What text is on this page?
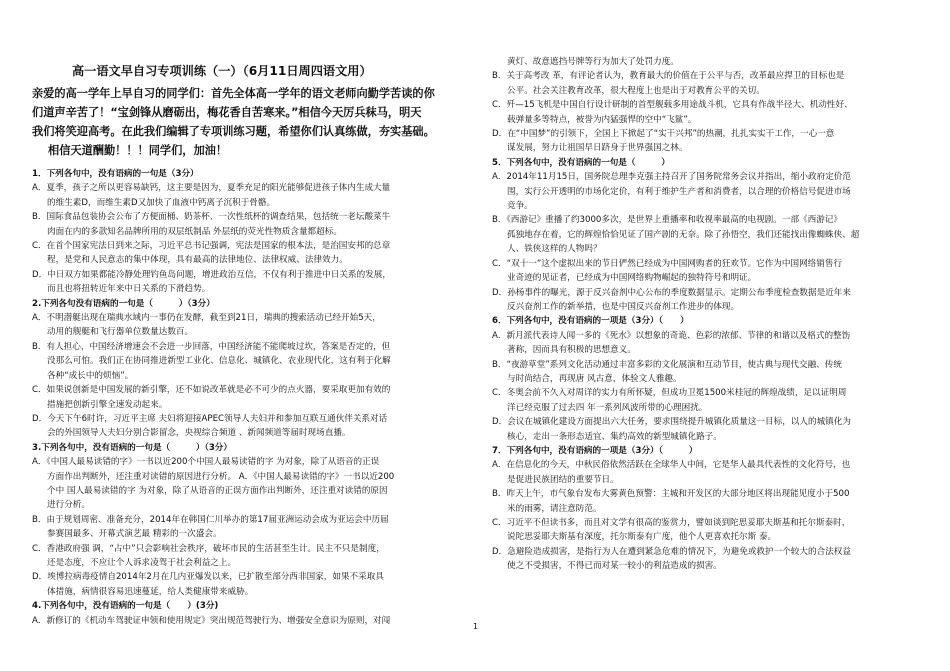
高一语文早自习专项训练（一）（6月11日周四语文用）
亲爱的高一学年上早自习的同学们：首先全体高一学年的语文老师向勤学苦读的你
们道声辛苦了！“宝剑锋从磨砺出，梅花香自苦寒来。”相信今天厉兵秣马，明天
我们将笑迎高考。在此我们编辑了专项训练习题，希望你们认真练做，夯实基础。
相信天道酬勤！！！同学们，加油！
1．下列各句中，没有语病的一句是（3分）
A．夏季，孩子之所以更容易缺钙，这主要是因为，夏季充足的阳光能够促进孩子体内生成大量
的维生素D，而维生素D又加快了血液中钙离子沉积于骨骼。
B．国际食品包装协会公布了方便面桶、奶茶杯、一次性纸杯的调查结果，包括统一老坛酸菜牛
肉面在内的多款知名品牌所用的双层纸制品 外层纸的荧光性物质含量都超标。
C．在首个国家宪法日到来之际，习近平总书记强调，宪法是国家的根本法，是治国安邦的总章
程，是党和人民意志的集中体现，具有最高的法律地位、法律权威、法律效力。
D．中日双方如果都能冷静处理钓鱼岛问题，增进政治互信，不仅有利于推进中日关系的发展，
而且也将扭转近年来中日关系的下滑趋势。
2.下列各句没有语病的一句是（　　　）（3分）
A．不明潜艇出现在瑞典水域内一事仍在发酵，截至到21日，瑞典的搜索活动已经开始5天，
动用的舰艇和飞行器单位数量达数百。
B．有人担心，中国经济增速会不会进一步回落，中国经济能不能爬坡过坎，答案是否定的，但
没那么可怕。我们正在协同推进新型工业化、信息化、城镇化、农业现代化，这有利于化解
各种“成长中的烦恼”。
C．如果说创新是中国发展的新引擎，还不如说改革就是必不可少的点火器，要采取更加有效的
措施把创新引擎全速发动起来。
D．今天下午6时许，习近平主席 夫妇将迎接APEC领导人夫妇并和参加互联互通伙伴关系对话
会的外国领导人夫妇分别合影留念，央视综合频道 、新闻频道等届时现场直播。
3.下列各句中，没有语病的一句是（　　　）（3分）
A．《中国人最易读错的字》一书以近200个中国人最易读错的字 为对象，除了从语音的正误
方面作出判断外，还注重对读错的原因进行分析。 A．《中国人最易读错的字》一书以近200
个中 国人最易读错的字 为对象，除了从语音的正误方面作出判断外，还注重对读错的原因
进行分析。
B．由于规划周密、准备充分，2014年在韩国仁川举办的第17届亚洲运动会成为亚运会中历届
参赛国最多、开幕式演艺最 精彩的一次盛会。
C．香港政府强 调，“占中”只会影响社会秩序，破坏市民的生活甚至生计。民主不只是制度，
还是态度，不应让个人诉求凌驾于社会利益之上。
D．埃博拉病毒疫情自2014年2月在几内亚爆发以来，已扩散至部分西非国家，如果不采取具
体措施，病情很容易迅速蔓延，给人类健康带来威胁。
4.下列各句中，没有语病的一句是（　　）(3分)
A．新修订的《机动车驾驶证申领和使用规定》突出规范驾驶行为、增强安全意识为原则，对闯
黄灯、故意遮挡号牌等行为加大了处罚力度。
B．关于高考改 革，有评论者认为，教育最大的价值在于公平与否，改革最应捍卫的目标也是
公平。社会关注教育改革，很大程度上也是出于对教育公平的关切。
C．歼—15飞机是中国自行设计研制的首型舰载多用途战斗机，它具有作战半径大、机动性好、
载弹量多等特点，被誉为内猛强悍的空中“飞鲨”。
D．在“中国梦”的引领下，全国上下掀起了“实干兴邦”的热潮，扎扎实实干工作，一心一意
谋发展，努力让祖国早日跻身于世界强国之林。
5．下列各句中，没有语病的一句是（　　　）
A．2014年11月15日，国务院总理李克强主持召开了国务院常务会议并指出，缩小政府定价范
围，实行公开透明的市场化定价，有利于维护生产者和消费者，以合理的价格信号促进市场
竞争。
B．《西游记》重播了约3000多次，是世界上重播率和收视率最高的电视剧。一部《西游记》
孤独地存在着，它的辉煌恰恰见证了国产剧的无奈。除了孙悟空，我们还能找出像蜘蛛侠、超
人、铁侠这样的人物吗？
C．“双十一”这个虚拟出来的节日俨然已经成为中国网购者的狂欢节。它作为中国网络销售行
业奇迹的见证者，已经成为中国网络购物崛起的独特符号和明证。
D．孙杨事件的曝光，源于反兴奋剂中心公布的季度数据显示。定期公布季度检查数据是近年来
反兴奋剂工作的新举措，也是中国反兴奋剂工作进步的体现。
6．下列各句中，没有语病的一项是（3分）（　　）
A．新月派代表诗人闻一多的《死水》以想象的奇诡、色彩的浓郁、节律的和谐以及格式的整饬
著称，因而具有积极的思想意义。
B．“夜游草堂”系列文化活动通过丰富多彩的文化展演和互动节目，使古典与现代交融、传统
与时尚结合，再现唐 风古意，体验文人雅趣。
C．冬奥会前不久入对周详的实力有所怀疑，但成功卫冕1500米桂冠的辉煌战绩，足以证明周
洋已经克服了过去四 年一系列风波所带的心理困扰。
D．会议在城镇化建设方面提出六大任务，要求围绕提升城镇化质量这一目标，以人的城镇化为
核心，走出一条形态适宜、集约高效的新型城镇化路子。
7．下列各句中，没有语病的一项是（3分）（　　　）
A．在信息化的今天，中秋民俗依然活跃在全球华人中间，它是华人最具代表性的文化符号，也
是促进民族团结的重要节日。
B．昨天上午，市气象台发布大雾黄色预警：主城和开发区的大部分地区将出现能见度小于500
米的雨雾，请注意防范。
C．习近平不但读书多，而且对文学有很高的鉴赏力，譬如谈到陀思妥耶夫斯基和托尔斯泰时，
说陀思妥耶夫斯基有深度，托尔斯泰有广度，他个人更喜欢托尔斯 泰。
D．急避险造成损害，是指行为人在遭到紧急危难的情况下，为避免或救护一个较大的合法权益
使之不受损害，不得已而对某一较小的利益造成的损害。
1
